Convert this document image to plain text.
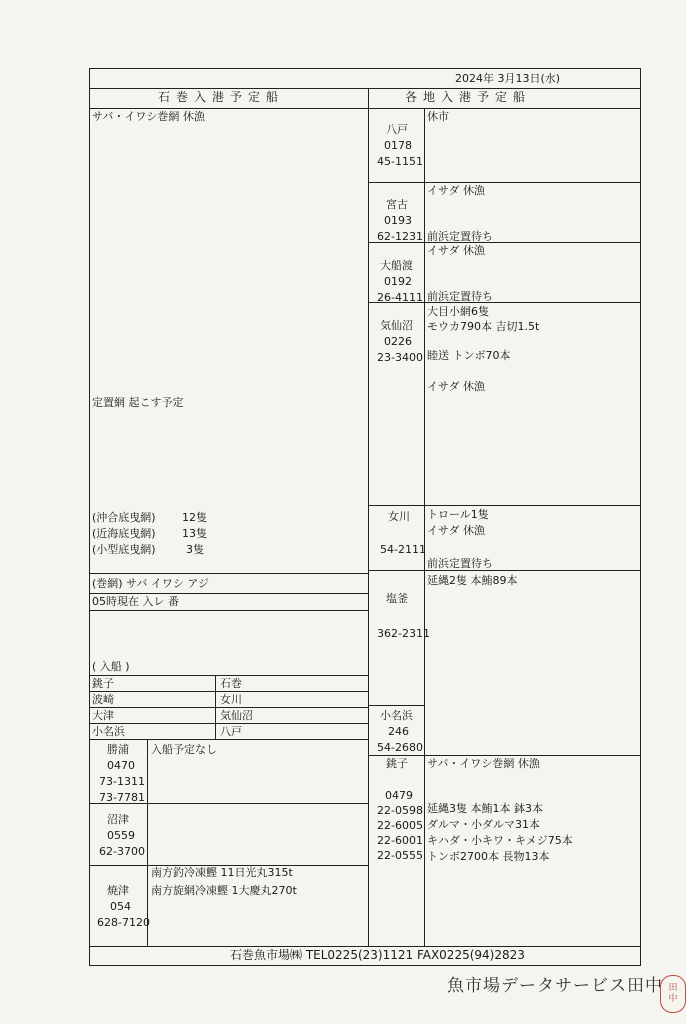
2024年 3月13日(水)
石巻入港予定船	各地入港予定船
サバ・イワシ巻網 休漁
定置網 起こす予定
(沖合底曳網) 12隻
(近海底曳網) 13隻
(小型底曳網)	3隻
(巻網) サバ イワシ アジ
05時現在 入レ 番
( 入船 )
銚子	石巻
波崎	女川
大津	気仙沼
小名浜	八戸
勝浦
0470
73-1311
73-7781
入船予定なし
沼津
0559
62-3700
焼津
054
628-7120
南方釣冷凍鰹 11日光丸315t
南方旋網冷凍鰹 1大慶丸270t
八戸
0178
45-1151
休市
宮古
0193
62-1231
イサダ 休漁
前浜定置待ち
大船渡
0192
26-4111
イサダ 休漁
前浜定置待ち
気仙沼
0226
23-3400
大目小網6隻
モウカ790本 吉切1.5t
睦送 トンボ70本
イサダ 休漁
女川
54-2111
トロール1隻
イサダ 休漁
前浜定置待ち
塩釜
362-2311
延縄2隻 本鮪89本
小名浜
246
54-2680
銚子
0479
22-0598
22-6005
22-6001
22-0555
サバ・イワシ巻網 休漁
延縄3隻 本鮪1本 鉢3本
ダルマ・小ダルマ31本
キハダ・小キワ・キメジ75本
トンボ2700本 長物13本
石巻魚市場㈱ TEL0225(23)1121 FAX0225(94)2823
魚市場データサービス田中 田
中
